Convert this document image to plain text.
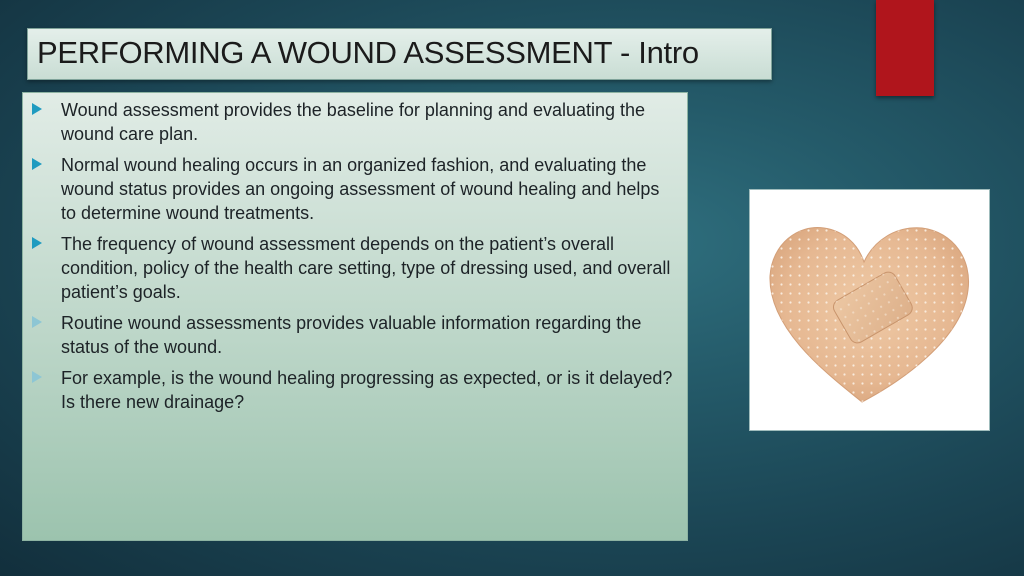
PERFORMING A WOUND ASSESSMENT - Intro
Wound assessment provides the baseline for planning and evaluating the wound care plan.
Normal wound healing occurs in an organized fashion, and evaluating the wound status provides an ongoing assessment of wound healing and helps to determine wound treatments.
The frequency of wound assessment depends on the patient’s overall condition, policy of the health care setting, type of dressing used, and overall patient’s goals.
Routine wound assessments provides valuable information regarding the status of the wound.
For example, is the wound healing progressing as expected, or is it delayed? Is there new drainage?
